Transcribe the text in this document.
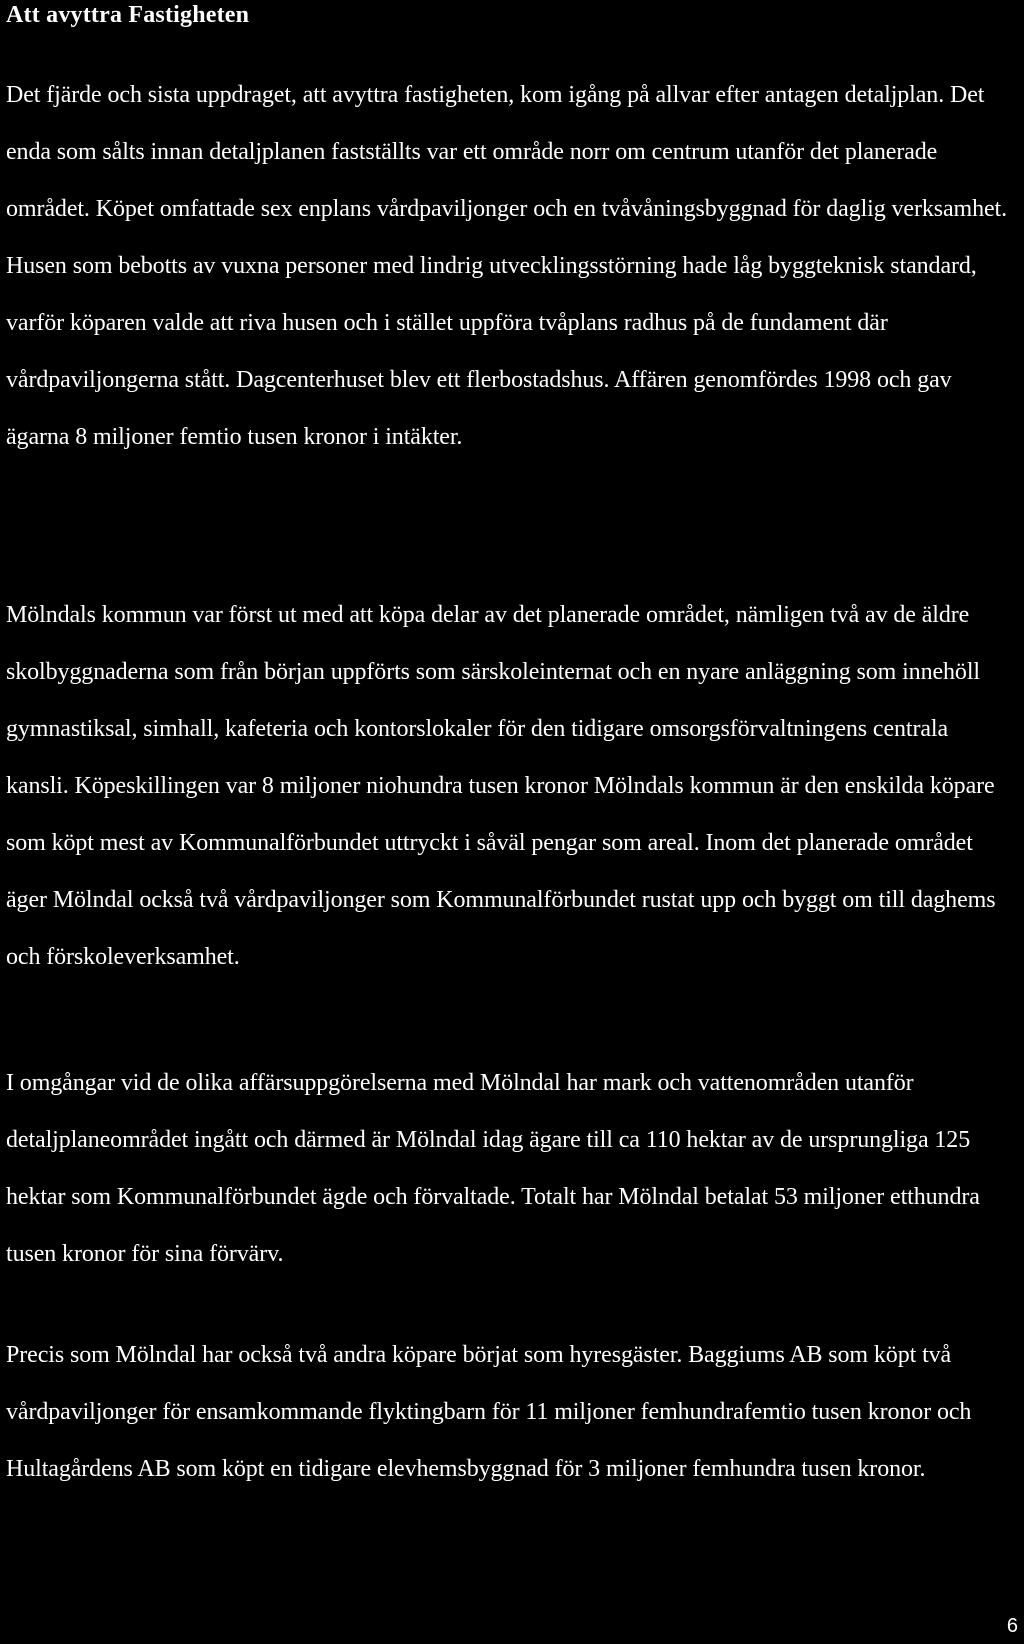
Att avyttra Fastigheten

Det fjärde och sista uppdraget, att avyttra fastigheten, kom igång på allvar efter antagen detaljplan. Det enda som sålts innan detaljplanen fastställts var ett område norr om centrum utanför det planerade området. Köpet omfattade sex enplans vårdpaviljonger och en tvåvåningsbyggnad för daglig verksamhet. Husen som bebotts av vuxna personer med lindrig utvecklingsstörning hade låg byggteknisk standard, varför köparen valde att riva husen och i stället uppföra tvåplans radhus på de fundament där vårdpaviljongerna stått. Dagcenterhuset blev ett flerbostadshus. Affären genomfördes 1998 och gav ägarna 8 miljoner femtio tusen kronor i intäkter.

Mölndals kommun var först ut med att köpa delar av det planerade området, nämligen två av de äldre skolbyggnaderna som från början uppförts som särskoleinternat och en nyare anläggning som innehöll gymnastiksal, simhall, kafeteria och kontorslokaler för den tidigare omsorgsförvaltningens centrala kansli. Köpeskillingen var 8 miljoner niohundra tusen kronor Mölndals kommun är den enskilda köpare som köpt mest av Kommunalförbundet uttryckt i såväl pengar som areal. Inom det planerade området äger Mölndal också två vårdpaviljonger som Kommunalförbundet rustat upp och byggt om till daghems och förskoleverksamhet.

I omgångar vid de olika affärsuppgörelserna med Mölndal har mark och vattenområden utanför detaljplaneområdet ingått och därmed är Mölndal idag ägare till ca 110 hektar av de ursprungliga 125 hektar som Kommunalförbundet ägde och förvaltade. Totalt har Mölndal betalat 53 miljoner etthundra tusen kronor för sina förvärv.

Precis som Mölndal har också två andra köpare börjat som hyresgäster. Baggiums AB som köpt två vårdpaviljonger för ensamkommande flyktingbarn för 11 miljoner femhundrafemtio tusen kronor och Hultagårdens AB som köpt en tidigare elevhemsbyggnad för 3 miljoner femhundra tusen kronor.

6
